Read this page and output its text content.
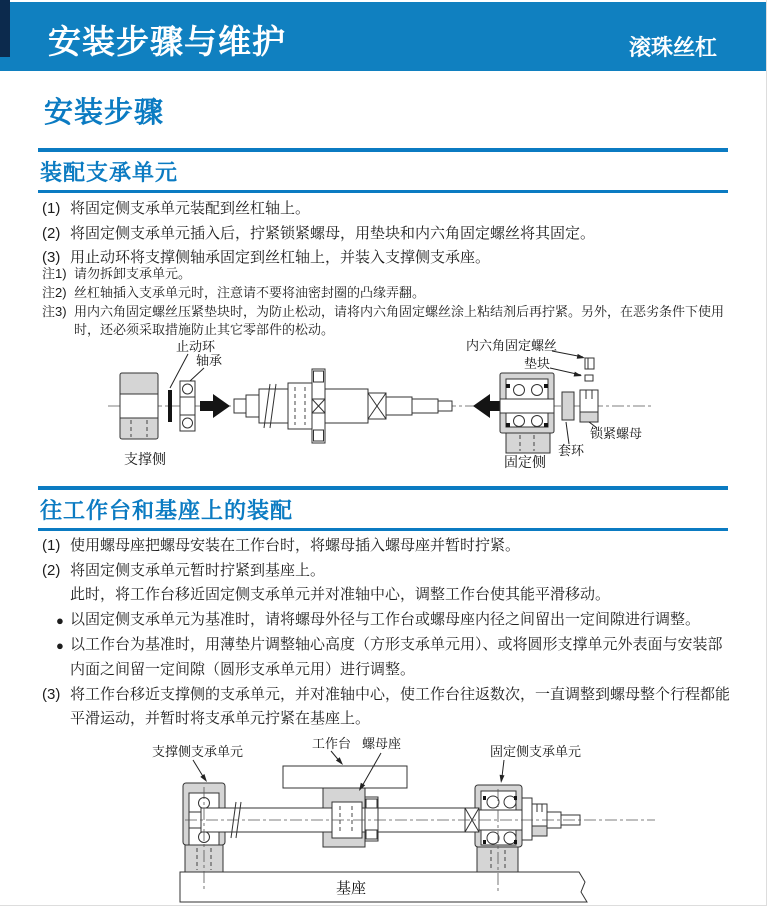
安装步骤与维护	滚珠丝杠
安装步骤
装配支承单元
(1) 将固定侧支承单元装配到丝杠轴上。
(2) 将固定侧支承单元插入后，拧紧锁紧螺母，用垫块和内六角固定螺丝将其固定。
(3) 用止动环将支撑侧轴承固定到丝杠轴上，并装入支撑侧支承座。
注1) 请勿拆卸支承单元。
注2) 丝杠轴插入支承单元时，注意请不要将油密封圈的凸缘弄翻。
注3) 用内六角固定螺丝压紧垫块时，为防止松动，请将内六角固定螺丝涂上粘结剂后再拧紧。另外，在恶劣条件下使用时，还必须采取措施防止其它零部件的松动。
止动环
轴承
内六角固定螺丝
垫块
锁紧螺母
套环
支撑侧	固定侧
往工作台和基座上的装配
(1) 使用螺母座把螺母安装在工作台时，将螺母插入螺母座并暂时拧紧。
(2) 将固定侧支承单元暂时拧紧到基座上。
此时，将工作台移近固定侧支承单元并对准轴中心，调整工作台使其能平滑移动。
● 以固定侧支承单元为基准时，请将螺母外径与工作台或螺母座内径之间留出一定间隙进行调整。
● 以工作台为基准时，用薄垫片调整轴心高度（方形支承单元用）、或将圆形支撑单元外表面与安装部内面之间留一定间隙（圆形支承单元用）进行调整。
(3) 将工作台移近支撑侧的支承单元，并对准轴中心，使工作台往返数次，一直调整到螺母整个行程都能平滑运动，并暂时将支承单元拧紧在基座上。
支撑侧支承单元
工作台 螺母座
固定侧支承单元
基座
